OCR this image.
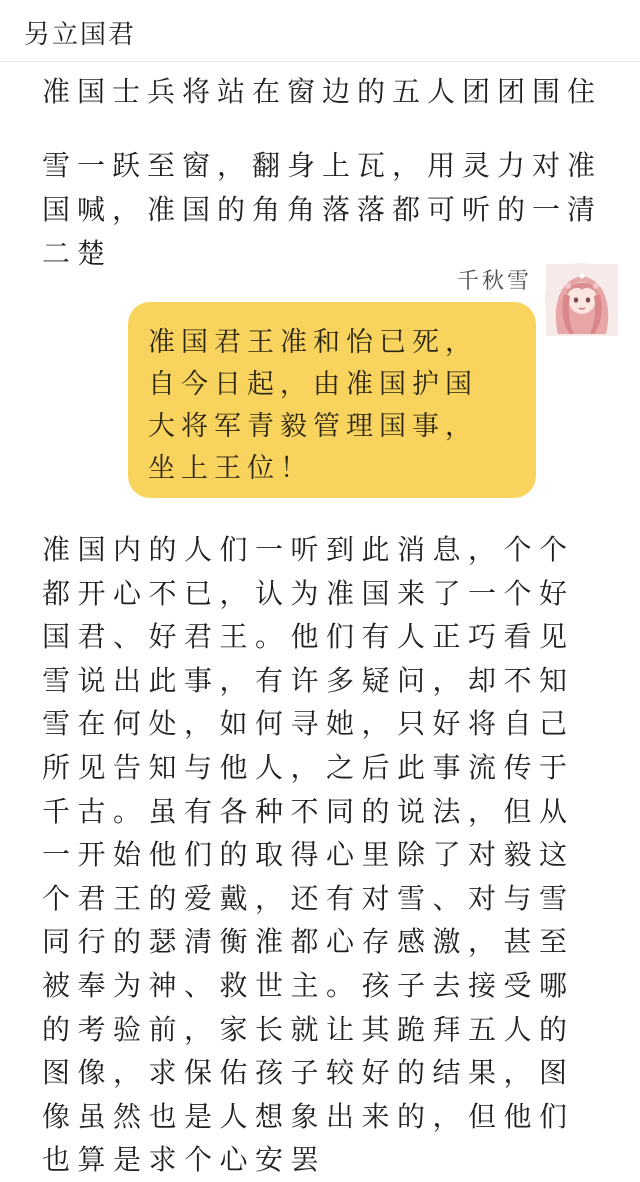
另立国君

准国士兵将站在窗边的五人团团围住

雪一跃至窗，翻身上瓦，用灵力对准国喊，准国的角角落落都可听的一清二楚

千秋雪
准国君王准和怡已死，自今日起，由准国护国大将军青毅管理国事，坐上王位！

准国内的人们一听到此消息，个个都开心不已，认为准国来了一个好国君、好君王。他们有人正巧看见雪说出此事，有许多疑问，却不知雪在何处，如何寻她，只好将自己所见告知与他人，之后此事流传于千古。虽有各种不同的说法，但从一开始他们的取得心里除了对毅这个君王的爱戴，还有对雪、对与雪同行的瑟清衡淮都心存感激，甚至被奉为神、救世主。孩子去接受哪的考验前，家长就让其跪拜五人的图像，求保佑孩子较好的结果，图像虽然也是人想象出来的，但他们也算是求个心安罢
